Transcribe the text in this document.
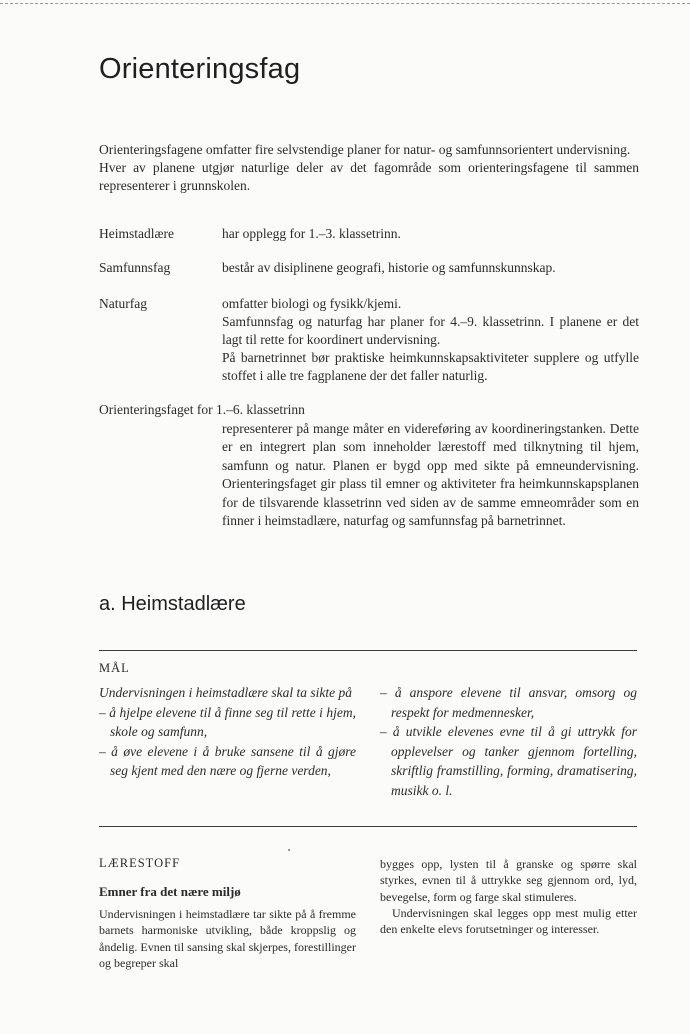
Orienteringsfag

Orienteringsfagene omfatter fire selvstendige planer for natur- og samfunnsorientert undervisning.

Hver av planene utgjør naturlige deler av det fagområde som orienteringsfagene til sammen representerer i grunnskolen.

Heimstadlære	har opplegg for 1.–3. klassetrinn.

Samfunnsfag	består av disiplinene geografi, historie og samfunnskunnskap.

Naturfag	omfatter biologi og fysikk/kjemi.

Samfunnsfag og naturfag har planer for 4.–9. klassetrinn. I planene er det lagt til rette for koordinert undervisning.

På barnetrinnet bør praktiske heimkunnskapsaktiviteter supplere og utfylle stoffet i alle tre fagplanene der det faller naturlig.

Orienteringsfaget for 1.–6. klassetrinn

representerer på mange måter en videreføring av koordineringstanken. Dette er en integrert plan som inneholder lærestoff med tilknytning til hjem, samfunn og natur. Planen er bygd opp med sikte på emneundervisning. Orienteringsfaget gir plass til emner og aktiviteter fra heimkunnskapsplanen for de tilsvarende klassetrinn ved siden av de samme emneområder som en finner i heimstadlære, naturfag og samfunnsfag på barnetrinnet.

a. Heimstadlære
MÅL

Undervisningen i heimstadlære skal ta sikte på

– å hjelpe elevene til å finne seg til rette i hjem, skole og samfunn,

– å øve elevene i å bruke sansene til å gjøre seg kjent med den nære og fjerne verden,

– å anspore elevene til ansvar, omsorg og respekt for medmennesker,

– å utvikle elevenes evne til å gi uttrykk for opplevelser og tanker gjennom fortelling, skriftlig framstilling, forming, dramatisering, musikk o. l.

LÆRESTOFF
Emner fra det nære miljø

Undervisningen i heimstadlære tar sikte på å fremme barnets harmoniske utvikling, både kroppslig og åndelig. Evnen til sansing skal skjerpes, forestillinger og begreper skal

bygges opp, lysten til å granske og spørre skal styrkes, evnen til å uttrykke seg gjennom ord, lyd, bevegelse, form og farge skal stimuleres.

Undervisningen skal legges opp mest mulig etter den enkelte elevs forutsetninger og interesser.
